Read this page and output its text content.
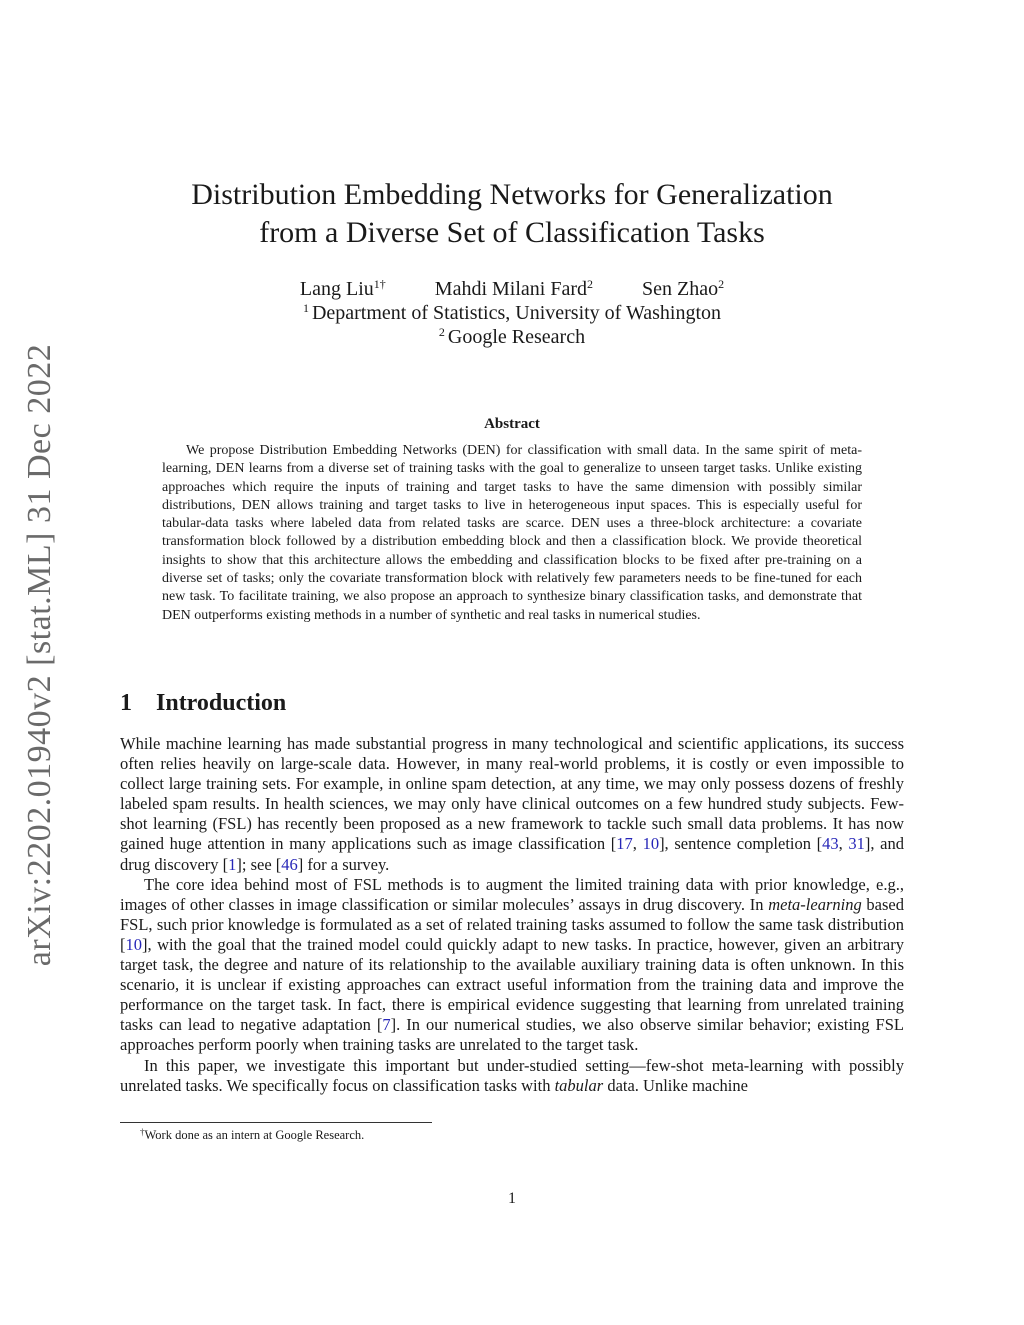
arXiv:2202.01940v2 [stat.ML] 31 Dec 2022
Distribution Embedding Networks for Generalization
from a Diverse Set of Classification Tasks
Lang Liu$^{1\dagger}$ Mahdi Milani Fard$^2$ Sen Zhao$^2$
$^1$ Department of Statistics, University of Washington
$^2$ Google Research
Abstract

We propose Distribution Embedding Networks (DEN) for classification with small data. In the same spirit of meta-learning, DEN learns from a diverse set of training tasks with the goal to generalize to unseen target tasks. Unlike existing approaches which require the inputs of training and target tasks to have the same dimension with possibly similar distributions, DEN allows training and target tasks to live in heterogeneous input spaces. This is especially useful for tabular-data tasks where labeled data from related tasks are scarce. DEN uses a three-block architecture: a covariate transformation block followed by a distribution embedding block and then a classification block. We provide theoretical insights to show that this architecture allows the embedding and classification blocks to be fixed after pre-training on a diverse set of tasks; only the covariate transformation block with relatively few parameters needs to be fine-tuned for each new task. To facilitate training, we also propose an approach to synthesize binary classification tasks, and demonstrate that DEN outperforms existing methods in a number of synthetic and real tasks in numerical studies.

1 Introduction

While machine learning has made substantial progress in many technological and scientific applications, its success often relies heavily on large-scale data. However, in many real-world problems, it is costly or even impossible to collect large training sets. For example, in online spam detection, at any time, we may only possess dozens of freshly labeled spam results. In health sciences, we may only have clinical outcomes on a few hundred study subjects. Few-shot learning (FSL) has recently been proposed as a new framework to tackle such small data problems. It has now gained huge attention in many applications such as image classification [17, 10], sentence completion [43, 31], and drug discovery [1]; see [46] for a survey.

The core idea behind most of FSL methods is to augment the limited training data with prior knowledge, e.g., images of other classes in image classification or similar molecules’ assays in drug discovery. In meta-learning based FSL, such prior knowledge is formulated as a set of related training tasks assumed to follow the same task distribution [10], with the goal that the trained model could quickly adapt to new tasks. In practice, however, given an arbitrary target task, the degree and nature of its relationship to the available auxiliary training data is often unknown. In this scenario, it is unclear if existing approaches can extract useful information from the training data and improve the performance on the target task. In fact, there is empirical evidence suggesting that learning from unrelated training tasks can lead to negative adaptation [7]. In our numerical studies, we also observe similar behavior; existing FSL approaches perform poorly when training tasks are unrelated to the target task.

In this paper, we investigate this important but under-studied setting—few-shot meta-learning with possibly unrelated tasks. We specifically focus on classification tasks with tabular data. Unlike machine

†Work done as an intern at Google Research.
1
